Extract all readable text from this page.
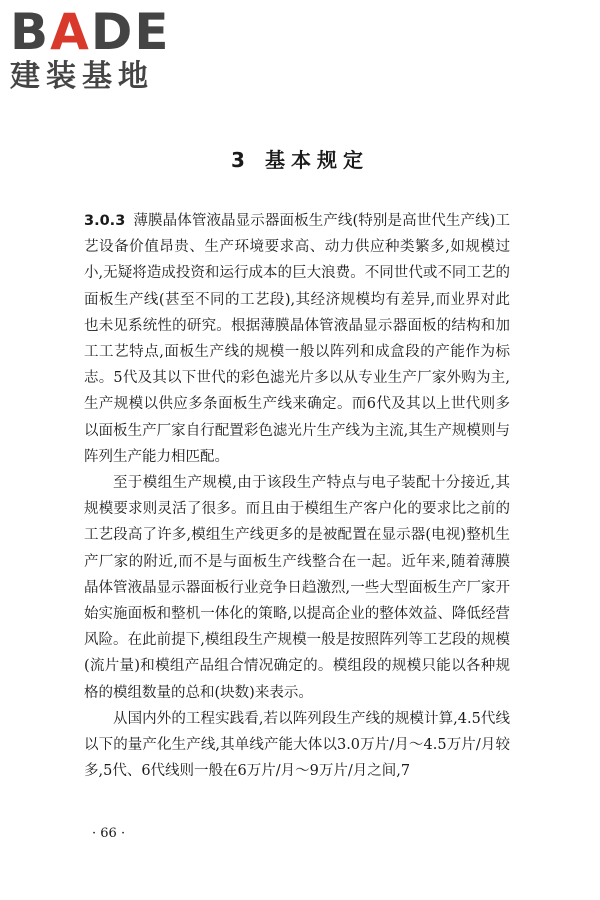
BADE
建装基地
3 基本规定

3.0.3 薄膜晶体管液晶显示器面板生产线(特别是高世代生产线)工艺设备价值昂贵、生产环境要求高、动力供应种类繁多,如规模过小,无疑将造成投资和运行成本的巨大浪费。不同世代或不同工艺的面板生产线(甚至不同的工艺段),其经济规模均有差异,而业界对此也未见系统性的研究。根据薄膜晶体管液晶显示器面板的结构和加工工艺特点,面板生产线的规模一般以阵列和成盒段的产能作为标志。5代及其以下世代的彩色滤光片多以从专业生产厂家外购为主,生产规模以供应多条面板生产线来确定。而6代及其以上世代则多以面板生产厂家自行配置彩色滤光片生产线为主流,其生产规模则与阵列生产能力相匹配。

至于模组生产规模,由于该段生产特点与电子装配十分接近,其规模要求则灵活了很多。而且由于模组生产客户化的要求比之前的工艺段高了许多,模组生产线更多的是被配置在显示器(电视)整机生产厂家的附近,而不是与面板生产线整合在一起。近年来,随着薄膜晶体管液晶显示器面板行业竞争日趋激烈,一些大型面板生产厂家开始实施面板和整机一体化的策略,以提高企业的整体效益、降低经营风险。在此前提下,模组段生产规模一般是按照阵列等工艺段的规模(流片量)和模组产品组合情况确定的。模组段的规模只能以各种规格的模组数量的总和(块数)来表示。

从国内外的工程实践看,若以阵列段生产线的规模计算,4.5代线以下的量产化生产线,其单线产能大体以3.0万片/月～4.5万片/月较多,5代、6代线则一般在6万片/月～9万片/月之间,7

· 66 ·
